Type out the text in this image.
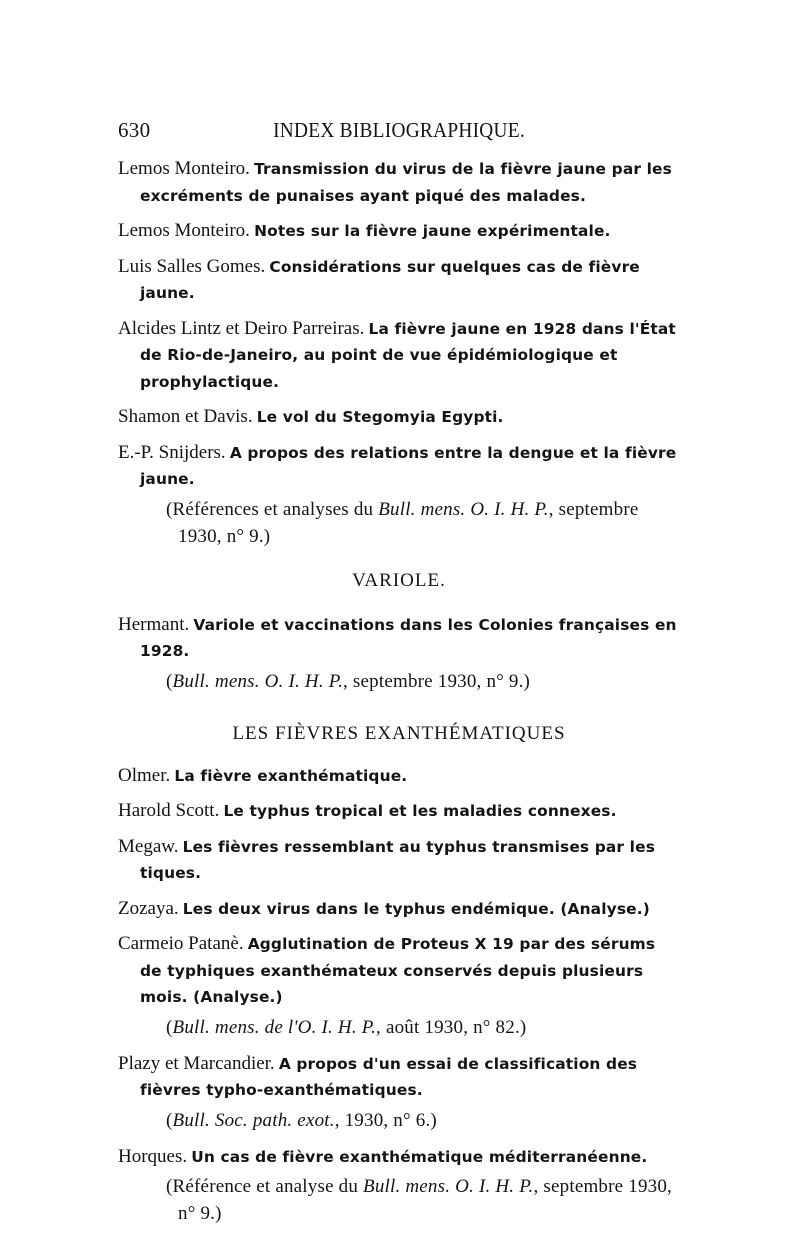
630	INDEX BIBLIOGRAPHIQUE.

Lemos Monteiro. Transmission du virus de la fièvre jaune par les excréments de punaises ayant piqué des malades.

Lemos Monteiro. Notes sur la fièvre jaune expérimentale.

Luis Salles Gomes. Considérations sur quelques cas de fièvre jaune.

Alcides Lintz et Deiro Parreiras. La fièvre jaune en 1928 dans l'État de Rio-de-Janeiro, au point de vue épidémiologique et prophylactique.

Shamon et Davis. Le vol du Stegomyia Egypti.

E.-P. Snijders. A propos des relations entre la dengue et la fièvre jaune.

(Références et analyses du Bull. mens. O. I. H. P., septembre 1930, n° 9.)

VARIOLE.

Hermant. Variole et vaccinations dans les Colonies françaises en 1928.

(Bull. mens. O. I. H. P., septembre 1930, n° 9.)

LES FIÈVRES EXANTHÉMATIQUES

Olmer. La fièvre exanthématique.

Harold Scott. Le typhus tropical et les maladies connexes.

Megaw. Les fièvres ressemblant au typhus transmises par les tiques.

Zozaya. Les deux virus dans le typhus endémique. (Analyse.)

Carmeio Patanè. Agglutination de Proteus X 19 par des sérums de typhiques exanthémateux conservés depuis plusieurs mois. (Analyse.)

(Bull. mens. de l'O. I. H. P., août 1930, n° 82.)

Plazy et Marcandier. A propos d'un essai de classification des fièvres typho-exanthématiques.

(Bull. Soc. path. exot., 1930, n° 6.)

Horques. Un cas de fièvre exanthématique méditerranéenne.

(Référence et analyse du Bull. mens. O. I. H. P., septembre 1930, n° 9.)
